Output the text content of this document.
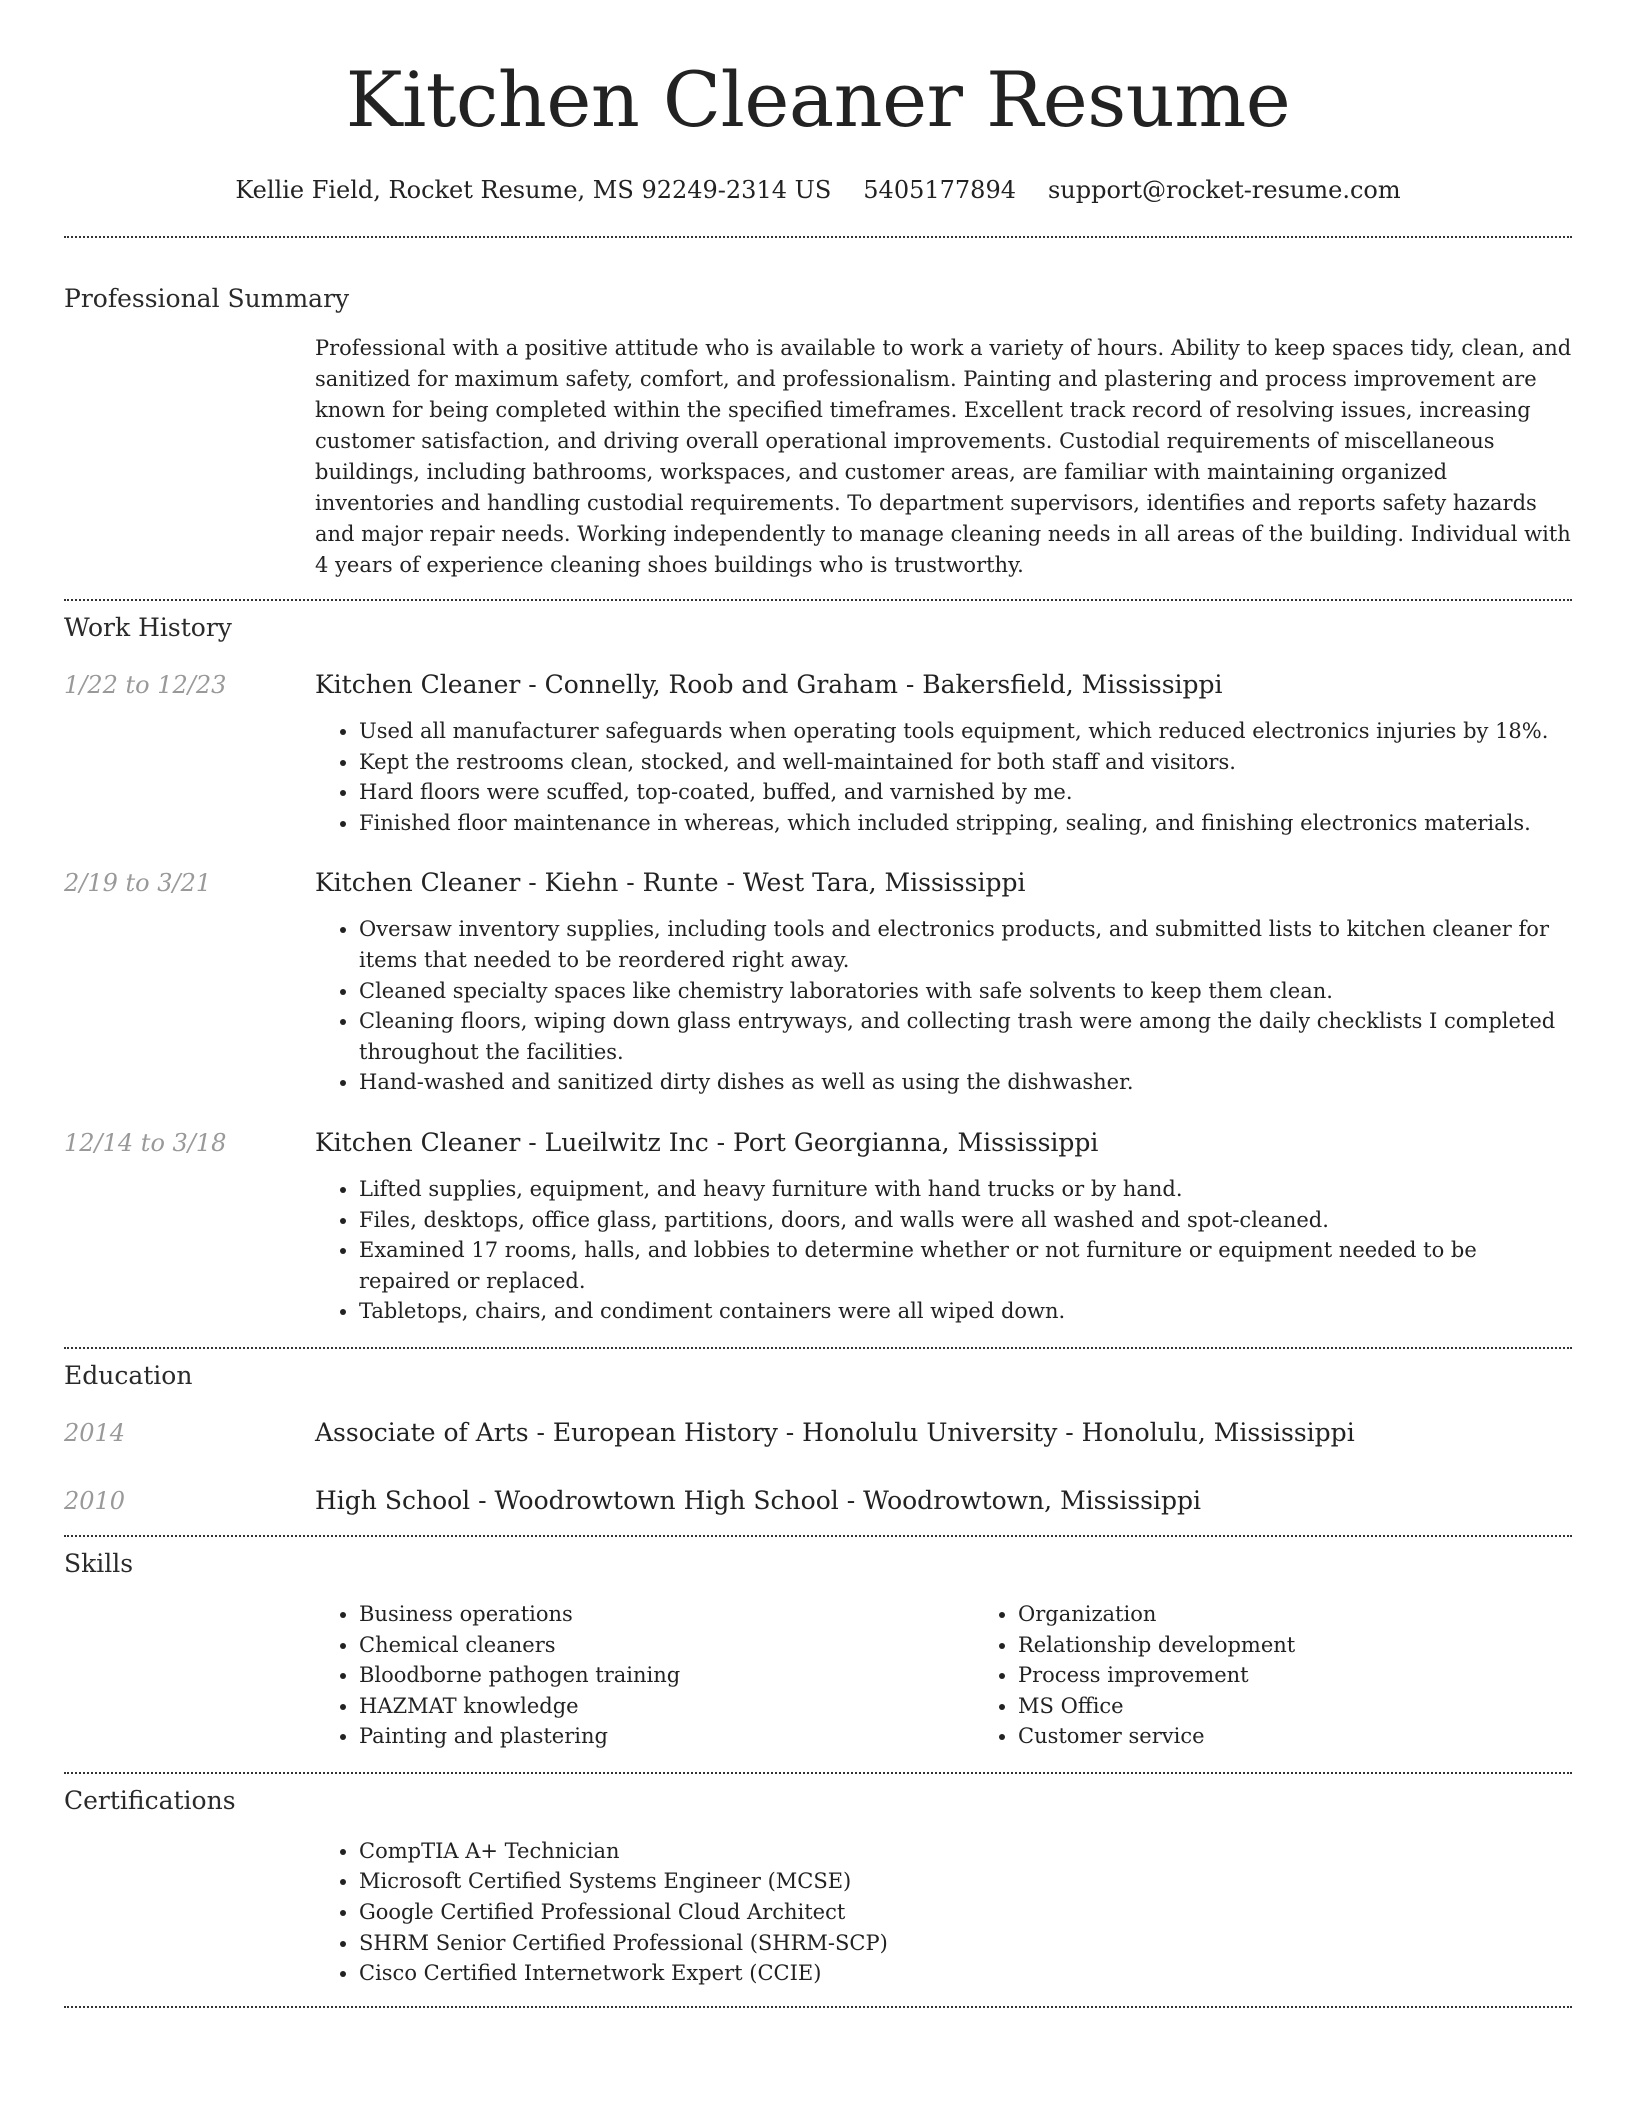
Kitchen Cleaner Resume
Kellie Field, Rocket Resume, MS 92249-2314 US 5405177894 support@rocket-resume.com
Professional Summary

Professional with a positive attitude who is available to work a variety of hours. Ability to keep spaces tidy, clean, and sanitized for maximum safety, comfort, and professionalism. Painting and plastering and process improvement are known for being completed within the specified timeframes. Excellent track record of resolving issues, increasing customer satisfaction, and driving overall operational improvements. Custodial requirements of miscellaneous buildings, including bathrooms, workspaces, and customer areas, are familiar with maintaining organized inventories and handling custodial requirements. To department supervisors, identifies and reports safety hazards and major repair needs. Working independently to manage cleaning needs in all areas of the building. Individual with 4 years of experience cleaning shoes buildings who is trustworthy.

Work History
1/22 to 12/23	Kitchen Cleaner - Connelly, Roob and Graham - Bakersfield, Mississippi
• Used all manufacturer safeguards when operating tools equipment, which reduced electronics injuries by 18%.
• Kept the restrooms clean, stocked, and well-maintained for both staff and visitors.
• Hard floors were scuffed, top-coated, buffed, and varnished by me.
• Finished floor maintenance in whereas, which included stripping, sealing, and finishing electronics materials.
2/19 to 3/21	Kitchen Cleaner - Kiehn - Runte - West Tara, Mississippi
• Oversaw inventory supplies, including tools and electronics products, and submitted lists to kitchen cleaner for items that needed to be reordered right away.
• Cleaned specialty spaces like chemistry laboratories with safe solvents to keep them clean.
• Cleaning floors, wiping down glass entryways, and collecting trash were among the daily checklists I completed throughout the facilities.
• Hand-washed and sanitized dirty dishes as well as using the dishwasher.
12/14 to 3/18	Kitchen Cleaner - Lueilwitz Inc - Port Georgianna, Mississippi
• Lifted supplies, equipment, and heavy furniture with hand trucks or by hand.
• Files, desktops, office glass, partitions, doors, and walls were all washed and spot-cleaned.
• Examined 17 rooms, halls, and lobbies to determine whether or not furniture or equipment needed to be repaired or replaced.
• Tabletops, chairs, and condiment containers were all wiped down.
Education
2014	Associate of Arts - European History - Honolulu University - Honolulu, Mississippi
2010	High School - Woodrowtown High School - Woodrowtown, Mississippi
Skills
• Business operations
• Chemical cleaners
• Bloodborne pathogen training
• HAZMAT knowledge
• Painting and plastering
• Organization
• Relationship development
• Process improvement
• MS Office
• Customer service
Certifications
• CompTIA A+ Technician
• Microsoft Certified Systems Engineer (MCSE)
• Google Certified Professional Cloud Architect
• SHRM Senior Certified Professional (SHRM-SCP)
• Cisco Certified Internetwork Expert (CCIE)
